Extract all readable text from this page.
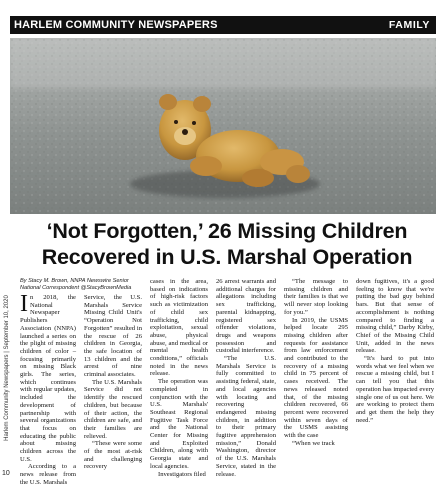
HARLEM COMMUNITY NEWSPAPERS	FAMILY
‘Not Forgotten,’ 26 Missing Children Recovered in U.S. Marshal Operation
Harlem Community Newspapers | September 10, 2020
10
By Stacy M. Brown, NNPA Newswire Senior National Correspondent @StacyBrownMedia

In 2018, the National Newspaper Publishers Association (NNPA) launched a series on the plight of missing children of color – focusing primarily on missing Black girls. The series, which continues with regular updates, included the development of partnership with several organizations that focus on educating the public about missing children across the U.S.

According to a news release from the U.S. Marshals

Service, the U.S. Marshals Service Missing Child Unit's “Operation Not Forgotten” resulted in the rescue of 26 children in Georgia, the safe location of 13 children and the arrest of nine criminal associates.

The U.S. Marshals Service did not identify the rescued children, but because of their action, the children are safe, and their families are relieved.

“These were some of the most at-risk and challenging recovery

cases in the area, based on indications of high-risk factors such as victimization of child sex trafficking, child exploitation, sexual abuse, physical abuse, and medical or mental health conditions,” officials noted in the news release.

The operation was completed in conjunction with the U.S. Marshals' Southeast Regional Fugitive Task Force and the National Center for Missing and Exploited Children, along with Georgia state and local agencies.

Investigators filed

26 arrest warrants and additional charges for allegations including sex trafficking, parental kidnapping, registered sex offender violations, drugs and weapons possession and custodial interference.

“The U.S. Marshals Service is fully committed to assisting federal, state, and local agencies with locating and recovering endangered missing children, in addition to their primary fugitive apprehension mission,” Donald Washington, director of the U.S. Marshals Service, stated in the release.

“The message to missing children and their families is that we will never stop looking for you.”

In 2019, the USMS helped locate 295 missing children after requests for assistance from law enforcement and contributed to the recovery of a missing child in 75 percent of cases received. The news released noted that, of the missing children recovered, 66 percent were recovered within seven days of the USMS assisting with the case

“When we track

down fugitives, it's a good feeling to know that we're putting the bad guy behind bars. But that sense of accomplishment is nothing compared to finding a missing child,” Darby Kirby, Chief of the Missing Child Unit, added in the news release.

“It's hard to put into words what we feel when we rescue a missing child, but I can tell you that this operation has impacted every single one of us out here. We are working to protect them and get them the help they need.”
